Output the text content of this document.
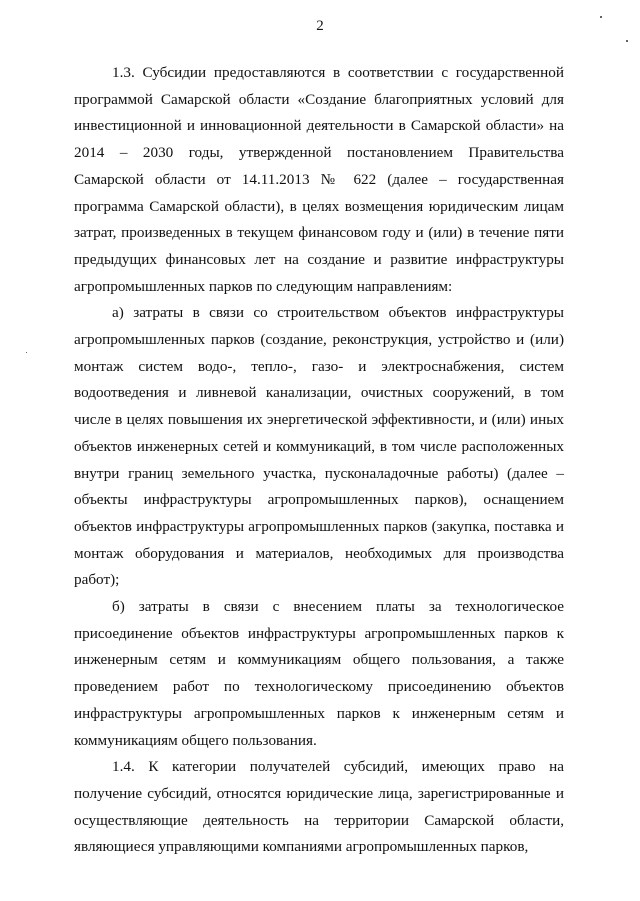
2

1.3. Субсидии предоставляются в соответствии с государственной программой Самарской области «Создание благоприятных условий для инвестиционной и инновационной деятельности в Самарской области» на 2014 – 2030 годы, утвержденной постановлением Правительства Самарской области от 14.11.2013 № 622 (далее – государственная программа Самарской области), в целях возмещения юридическим лицам затрат, произведенных в текущем финансовом году и (или) в течение пяти предыдущих финансовых лет на создание и развитие инфраструктуры агропромышленных парков по следующим направлениям:

а) затраты в связи со строительством объектов инфраструктуры агропромышленных парков (создание, реконструкция, устройство и (или) монтаж систем водо-, тепло-, газо- и электроснабжения, систем водоотведения и ливневой канализации, очистных сооружений, в том числе в целях повышения их энергетической эффективности, и (или) иных объектов инженерных сетей и коммуникаций, в том числе расположенных внутри границ земельного участка, пусконаладочные работы) (далее – объекты инфраструктуры агропромышленных парков), оснащением объектов инфраструктуры агропромышленных парков (закупка, поставка и монтаж оборудования и материалов, необходимых для производства работ);

б) затраты в связи с внесением платы за технологическое присоединение объектов инфраструктуры агропромышленных парков к инженерным сетям и коммуникациям общего пользования, а также проведением работ по технологическому присоединению объектов инфраструктуры агропромышленных парков к инженерным сетям и коммуникациям общего пользования.

1.4. К категории получателей субсидий, имеющих право на получение субсидий, относятся юридические лица, зарегистрированные и осуществляющие деятельность на территории Самарской области, являющиеся управляющими компаниями агропромышленных парков,
